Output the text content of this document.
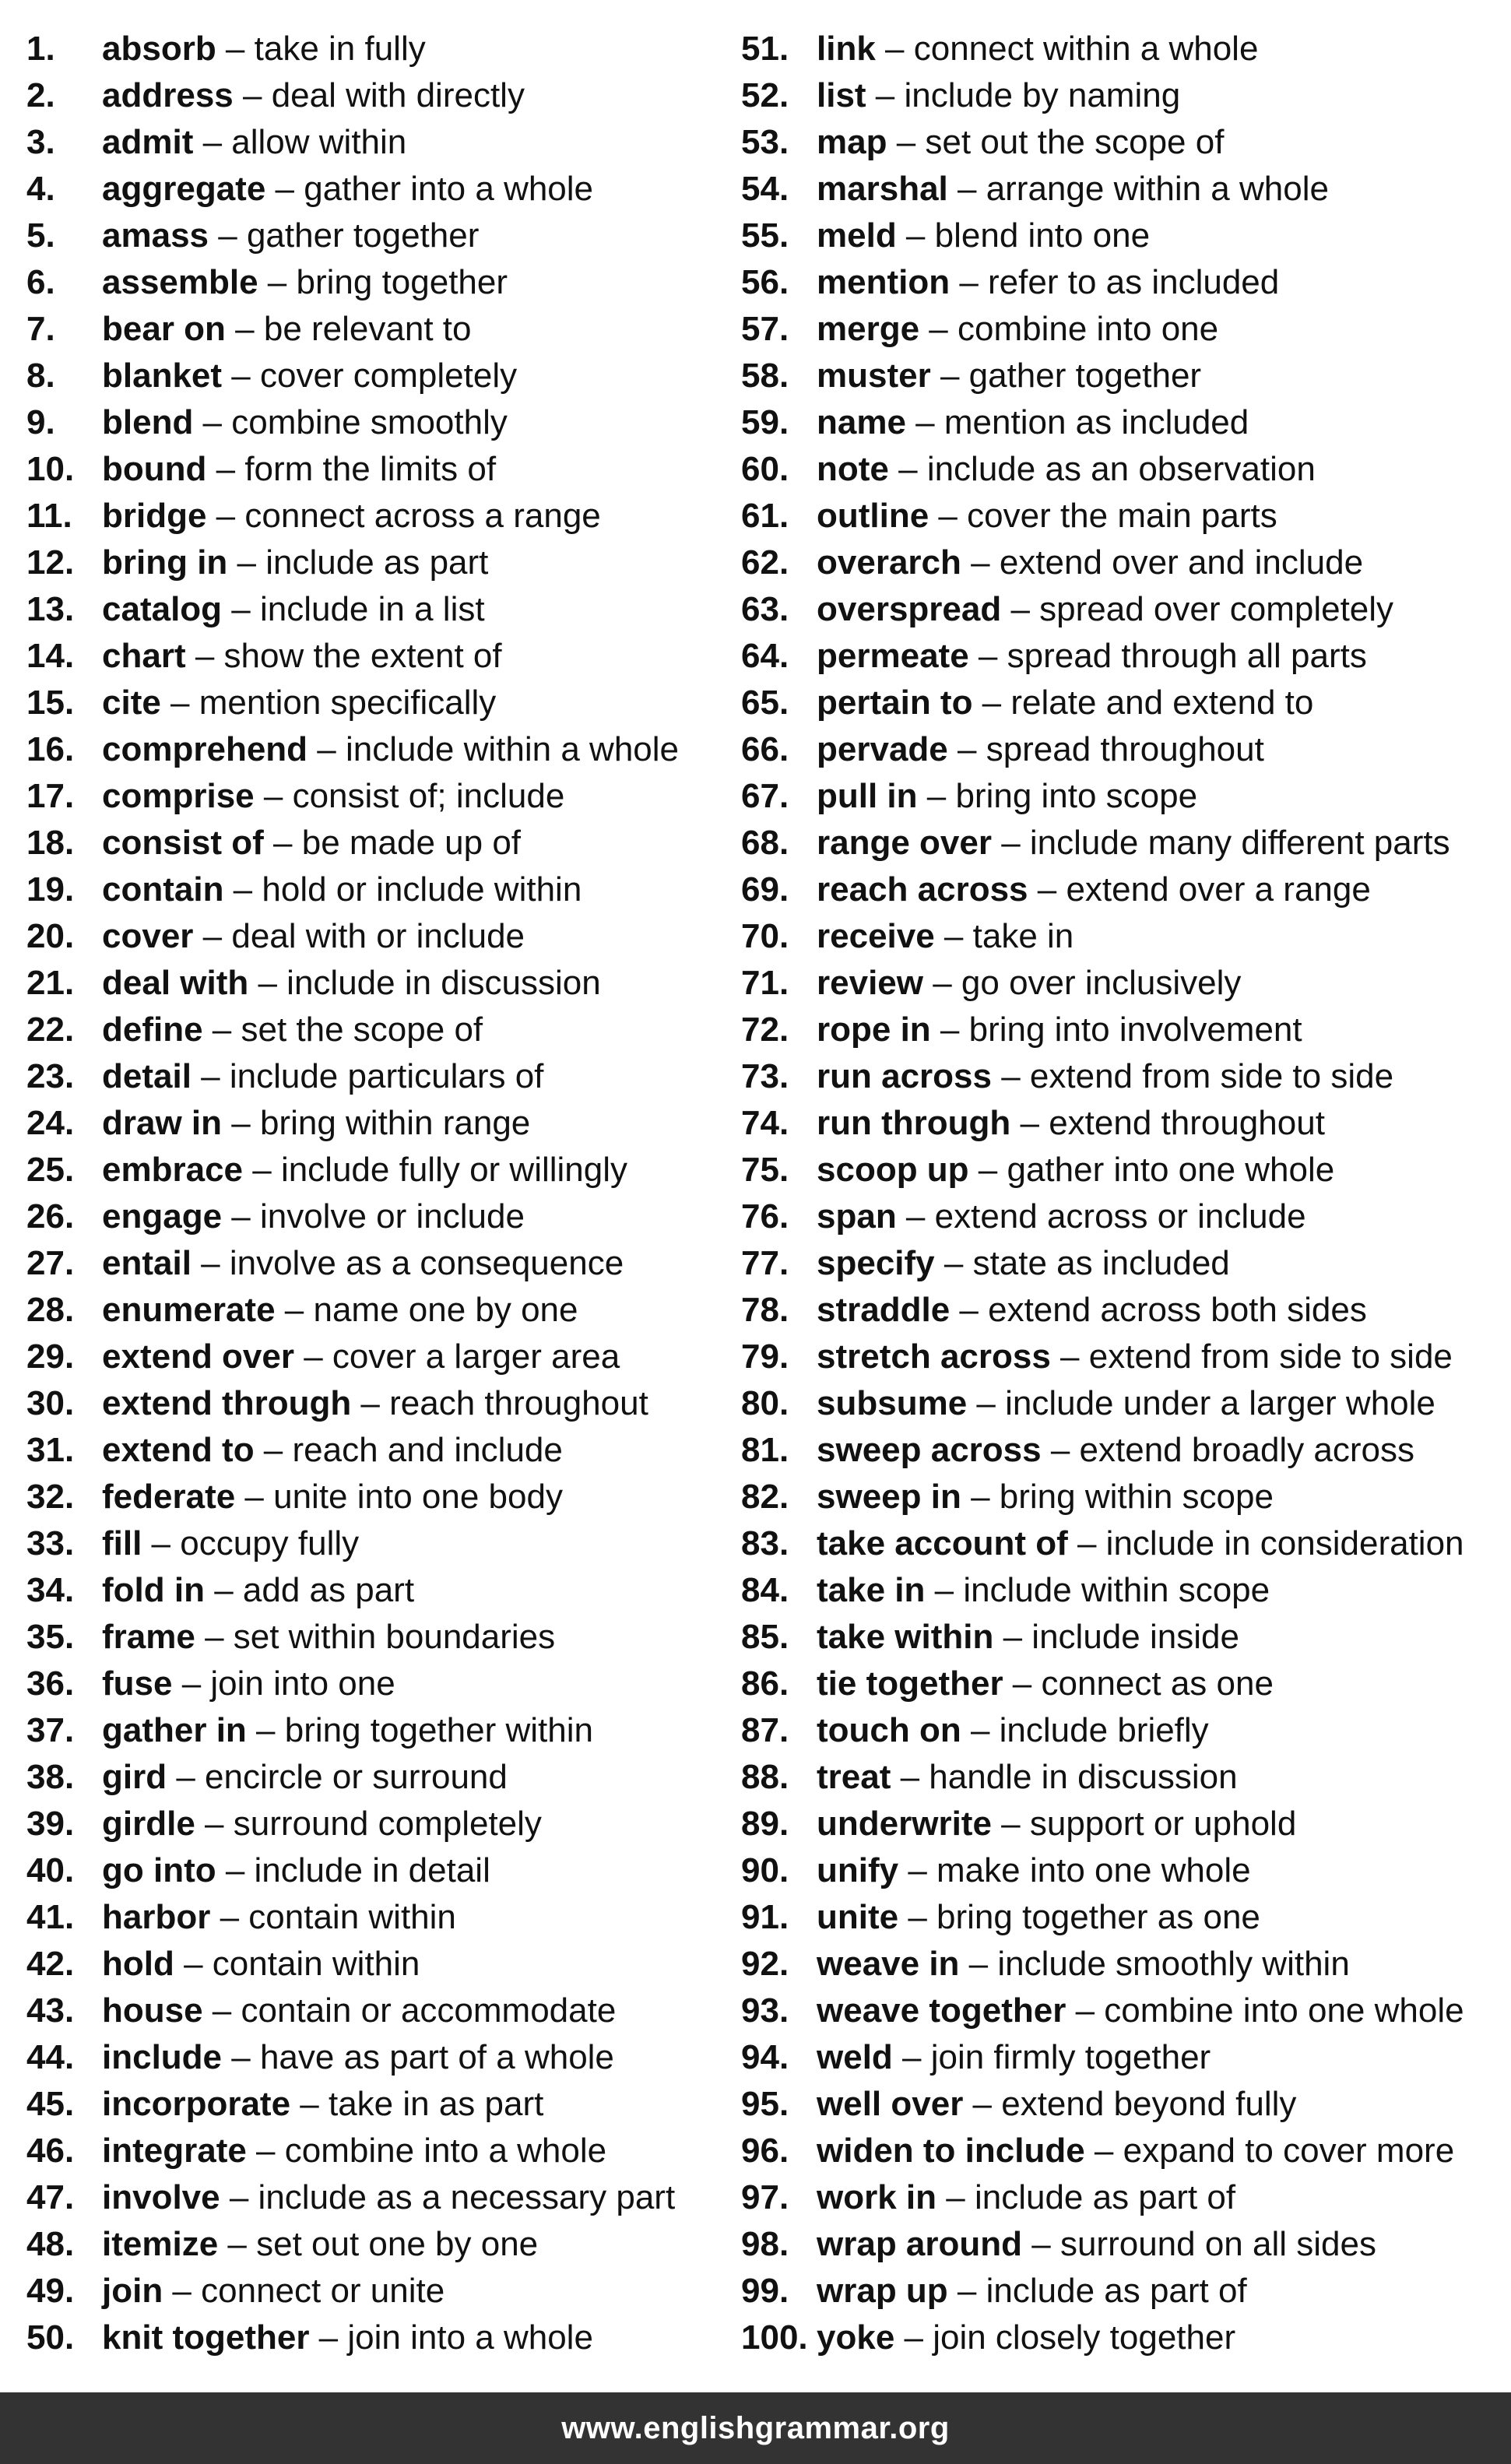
1. absorb – take in fully
2. address – deal with directly
3. admit – allow within
4. aggregate – gather into a whole
5. amass – gather together
6. assemble – bring together
7. bear on – be relevant to
8. blanket – cover completely
9. blend – combine smoothly
10. bound – form the limits of
11. bridge – connect across a range
12. bring in – include as part
13. catalog – include in a list
14. chart – show the extent of
15. cite – mention specifically
16. comprehend – include within a whole
17. comprise – consist of; include
18. consist of – be made up of
19. contain – hold or include within
20. cover – deal with or include
21. deal with – include in discussion
22. define – set the scope of
23. detail – include particulars of
24. draw in – bring within range
25. embrace – include fully or willingly
26. engage – involve or include
27. entail – involve as a consequence
28. enumerate – name one by one
29. extend over – cover a larger area
30. extend through – reach throughout
31. extend to – reach and include
32. federate – unite into one body
33. fill – occupy fully
34. fold in – add as part
35. frame – set within boundaries
36. fuse – join into one
37. gather in – bring together within
38. gird – encircle or surround
39. girdle – surround completely
40. go into – include in detail
41. harbor – contain within
42. hold – contain within
43. house – contain or accommodate
44. include – have as part of a whole
45. incorporate – take in as part
46. integrate – combine into a whole
47. involve – include as a necessary part
48. itemize – set out one by one
49. join – connect or unite
50. knit together – join into a whole
51. link – connect within a whole
52. list – include by naming
53. map – set out the scope of
54. marshal – arrange within a whole
55. meld – blend into one
56. mention – refer to as included
57. merge – combine into one
58. muster – gather together
59. name – mention as included
60. note – include as an observation
61. outline – cover the main parts
62. overarch – extend over and include
63. overspread – spread over completely
64. permeate – spread through all parts
65. pertain to – relate and extend to
66. pervade – spread throughout
67. pull in – bring into scope
68. range over – include many different parts
69. reach across – extend over a range
70. receive – take in
71. review – go over inclusively
72. rope in – bring into involvement
73. run across – extend from side to side
74. run through – extend throughout
75. scoop up – gather into one whole
76. span – extend across or include
77. specify – state as included
78. straddle – extend across both sides
79. stretch across – extend from side to side
80. subsume – include under a larger whole
81. sweep across – extend broadly across
82. sweep in – bring within scope
83. take account of – include in consideration
84. take in – include within scope
85. take within – include inside
86. tie together – connect as one
87. touch on – include briefly
88. treat – handle in discussion
89. underwrite – support or uphold
90. unify – make into one whole
91. unite – bring together as one
92. weave in – include smoothly within
93. weave together – combine into one whole
94. weld – join firmly together
95. well over – extend beyond fully
96. widen to include – expand to cover more
97. work in – include as part of
98. wrap around – surround on all sides
99. wrap up – include as part of
100. yoke – join closely together
www.englishgrammar.org
